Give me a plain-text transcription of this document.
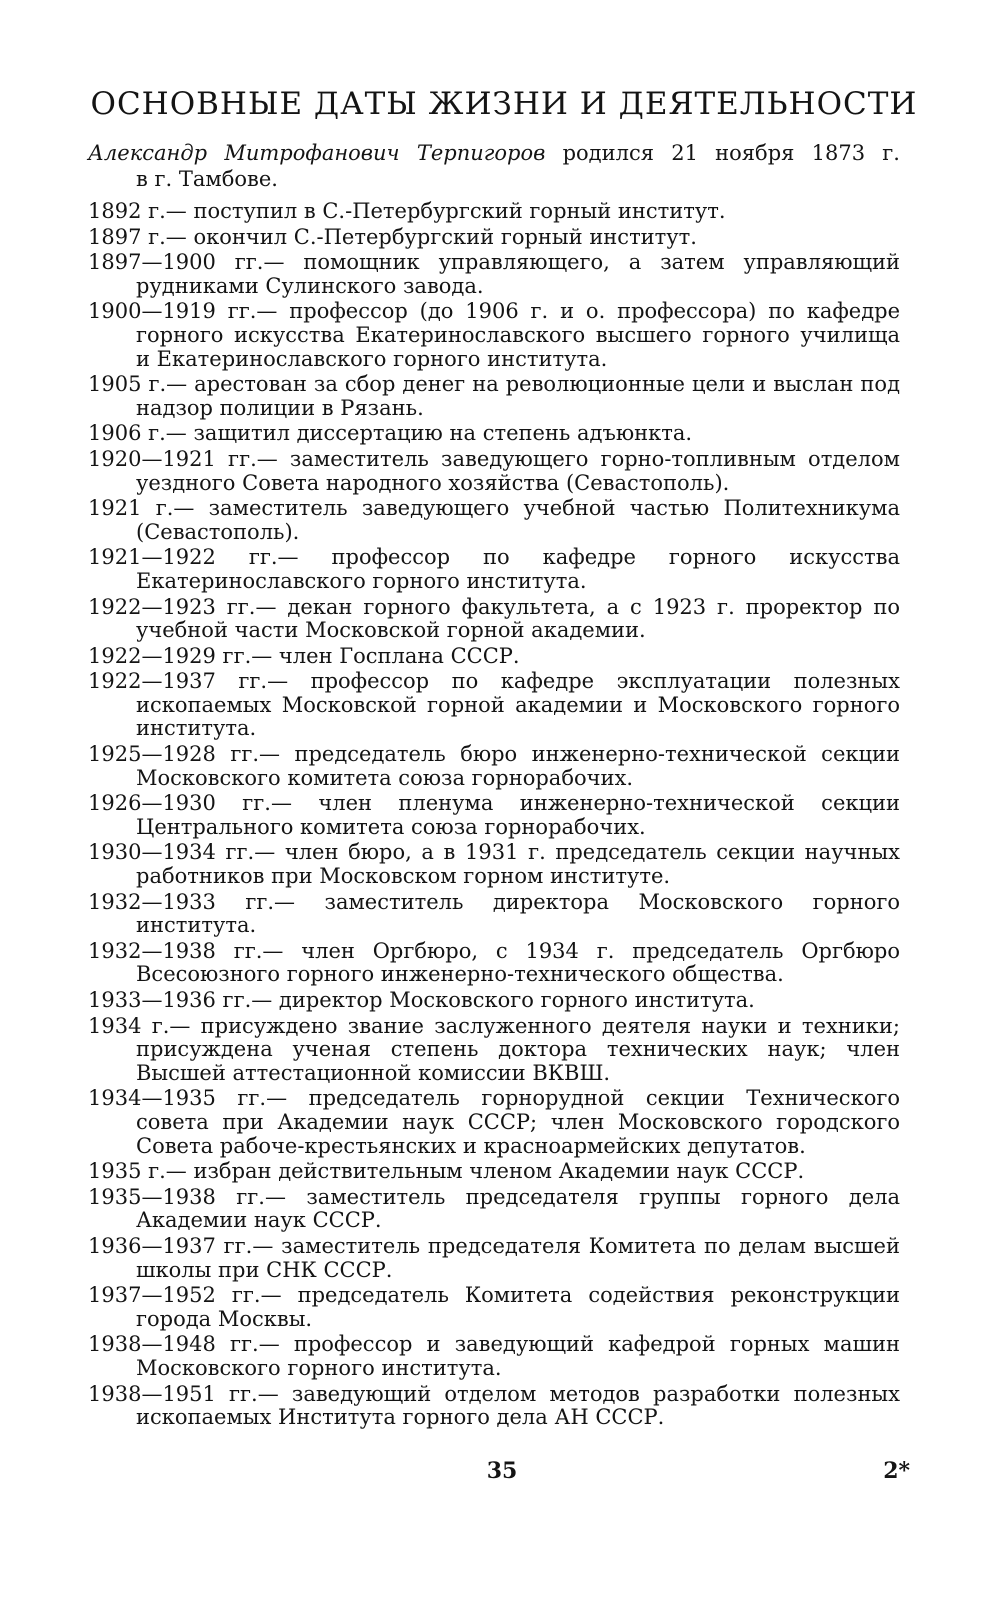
ОСНОВНЫЕ ДАТЫ ЖИЗНИ И ДЕЯТЕЛЬНОСТИ
Александр Митрофанович Терпигоров родился 21 ноября 1873 г.
в г. Тамбове.
1892 г.— поступил в С.-Петербургский горный институт.
1897 г.— окончил С.-Петербургский горный институт.
1897—1900 гг.— помощник управляющего, а затем управляющий рудниками Сулинского завода.
1900—1919 гг.— профессор (до 1906 г. и о. профессора) по кафедре горного искусства Екатеринославского высшего горного училища и Екатеринославского горного института.
1905 г.— арестован за сбор денег на революционные цели и выслан под надзор полиции в Рязань.
1906 г.— защитил диссертацию на степень адъюнкта.
1920—1921 гг.— заместитель заведующего горно-топливным отделом уездного Совета народного хозяйства (Севастополь).
1921 г.— заместитель заведующего учебной частью Политехникума (Севастополь).
1921—1922 гг.— профессор по кафедре горного искусства Екатеринославского горного института.
1922—1923 гг.— декан горного факультета, а с 1923 г. проректор по учебной части Московской горной академии.
1922—1929 гг.— член Госплана СССР.
1922—1937 гг.— профессор по кафедре эксплуатации полезных ископаемых Московской горной академии и Московского горного института.
1925—1928 гг.— председатель бюро инженерно-технической секции Московского комитета союза горнорабочих.
1926—1930 гг.— член пленума инженерно-технической секции Центрального комитета союза горнорабочих.
1930—1934 гг.— член бюро, а в 1931 г. председатель секции научных работников при Московском горном институте.
1932—1933 гг.— заместитель директора Московского горного института.
1932—1938 гг.— член Оргбюро, с 1934 г. председатель Оргбюро Всесоюзного горного инженерно-технического общества.
1933—1936 гг.— директор Московского горного института.
1934 г.— присуждено звание заслуженного деятеля науки и техники; присуждена ученая степень доктора технических наук; член Высшей аттестационной комиссии ВКВШ.
1934—1935 гг.— председатель горнорудной секции Технического совета при Академии наук СССР; член Московского городского Совета рабоче-крестьянских и красноармейских депутатов.
1935 г.— избран действительным членом Академии наук СССР.
1935—1938 гг.— заместитель председателя группы горного дела Академии наук СССР.
1936—1937 гг.— заместитель председателя Комитета по делам высшей школы при СНК СССР.
1937—1952 гг.— председатель Комитета содействия реконструкции города Москвы.
1938—1948 гг.— профессор и заведующий кафедрой горных машин Московского горного института.
1938—1951 гг.— заведующий отделом методов разработки полезных ископаемых Института горного дела АН СССР.
35	2*
